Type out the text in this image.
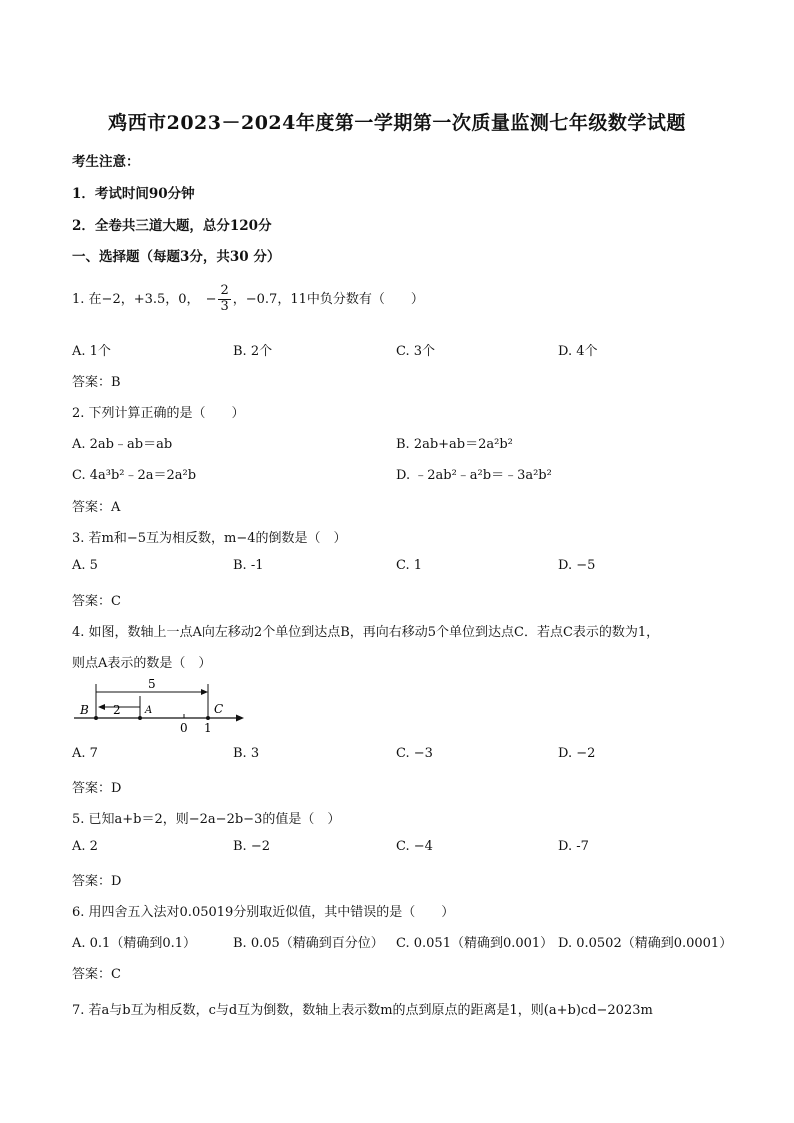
鸡西市2023－2024年度第一学期第一次质量监测七年级数学试题
考生注意：
1．考试时间90分钟
2．全卷共三道大题，总分120分
一、选择题（每题3分，共30 分）
1. 在−2，+3.5，0， − $\frac{2}{3}$ ，−0.7，11中负分数有（　　）
A. 1个	B. 2个	C. 3个	D. 4个
答案：B
2. 下列计算正确的是（　　）
A. 2ab﹣ab＝ab	B. 2ab+ab＝2a²b²
C. 4a³b²﹣2a＝2a²b	D. ﹣2ab²﹣a²b＝﹣3a²b²
答案：A
3. 若m和−5互为相反数，m−4的倒数是（　）
A. 5	B. -1	C. 1	D. −5
答案：C
4. 如图，数轴上一点A向左移动2个单位到达点B，再向右移动5个单位到达点C．若点C表示的数为1，
则点A表示的数是（　）
5
2
B	A	C
0 1
A. 7	B. 3	C. −3	D. −2
答案：D
5. 已知a+b＝2，则−2a−2b−3的值是（　）
A. 2	B. −2	C. −4	D. -7
答案：D
6. 用四舍五入法对0.05019分别取近似值，其中错误的是（　　）
A. 0.1（精确到0.1）	B. 0.05（精确到百分位） C. 0.051（精确到0.001） D. 0.0502（精确到0.0001）
答案：C
7. 若a与b互为相反数，c与d互为倒数，数轴上表示数m的点到原点的距离是1，则(a+b)cd−2023m
